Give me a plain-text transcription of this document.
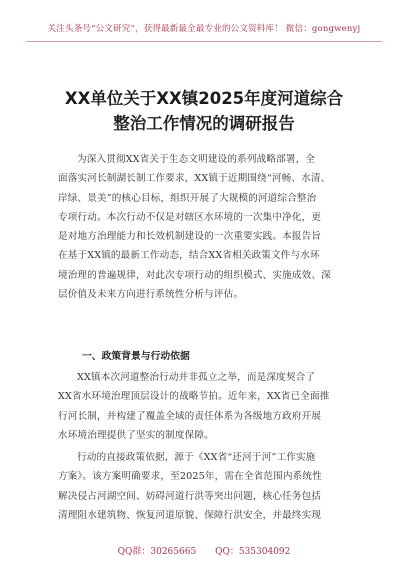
关注头条号“公文研究”，获得最新最全最专业的公文资料库！ 微信：gongwenyj
XX单位关于XX镇2025年度河道综合
整治工作情况的调研报告
为深入贯彻XX省关于生态文明建设的系列战略部署，全
面落实河长制湖长制工作要求，XX镇于近期围绕“河畅、水清、
岸绿、景美”的核心目标，组织开展了大规模的河道综合整治
专项行动。本次行动不仅是对辖区水环境的一次集中净化，更
是对地方治理能力和长效机制建设的一次重要实践。本报告旨
在基于XX镇的最新工作动态，结合XX省相关政策文件与水环
境治理的普遍规律，对此次专项行动的组织模式、实施成效、深
层价值及未来方向进行系统性分析与评估。
一、政策背景与行动依据
XX镇本次河道整治行动并非孤立之举，而是深度契合了
XX省水环境治理顶层设计的战略节拍。近年来，XX省已全面推
行河长制，并构建了覆盖全域的责任体系为各级地方政府开展
水环境治理提供了坚实的制度保障。
行动的直接政策依据，源于《XX省“还河于河”工作实施
方案》。该方案明确要求，至2025年，需在全省范围内系统性
解决侵占河湖空间、妨碍河道行洪等突出问题，核心任务包括
清理阻水建筑物、恢复河道原貌、保障行洪安全，并最终实现
QQ群：30265665 QQ：535304092
